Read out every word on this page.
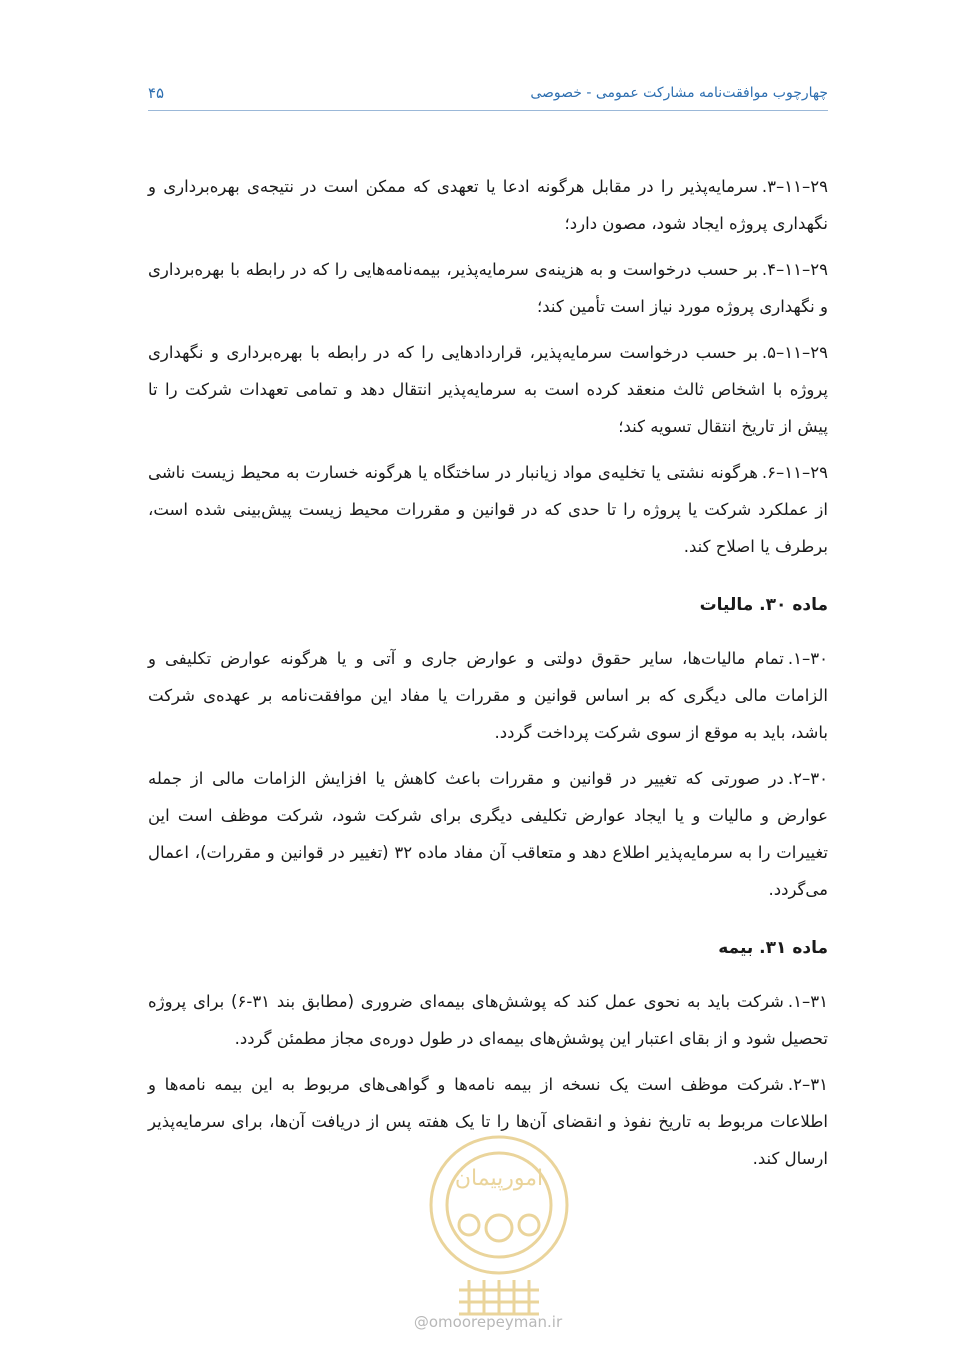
چهارچوب موافقت‌نامه مشارکت عمومی - خصوصی
۴۵

۲۹–۱۱–۳.سرمایه‌پذیر را در مقابل هرگونه ادعا یا تعهدی که ممکن است در نتیجه‌ی بهره‌برداری و نگهداری پروژه ایجاد شود، مصون دارد؛

۲۹–۱۱–۴.بر حسب درخواست و به هزینه‌ی سرمایه‌پذیر، بیمه‌نامه‌هایی را که در رابطه با بهره‌برداری و نگهداری پروژه مورد نیاز است تأمین کند؛

۲۹–۱۱–۵.بر حسب درخواست سرمایه‌پذیر، قراردادهایی را که در رابطه با بهره‌برداری و نگهداری پروژه با اشخاص ثالث منعقد کرده است به سرمایه‌پذیر انتقال دهد و تمامی تعهدات شرکت را تا پیش از تاریخ انتقال تسویه کند؛

۲۹–۱۱–۶.هرگونه نشتی یا تخلیه‌ی مواد زیانبار در ساختگاه یا هرگونه خسارت به محیط زیست ناشی از عملکرد شرکت یا پروژه را تا حدی که در قوانین و مقررات محیط زیست پیش‌بینی شده است، برطرف یا اصلاح کند.

ماده ۳۰. مالیات

۳۰–۱.تمام مالیات‌ها، سایر حقوق دولتی و عوارض جاری و آتی و یا هرگونه عوارض تکلیفی و الزامات مالی دیگری که بر اساس قوانین و مقررات یا مفاد این موافقت‌نامه بر عهده‌ی شرکت باشد، باید به موقع از سوی شرکت پرداخت گردد.

۳۰–۲.در صورتی که تغییر در قوانین و مقررات باعث کاهش یا افزایش الزامات مالی از جمله عوارض و مالیات و یا ایجاد عوارض تکلیفی دیگری برای شرکت شود، شرکت موظف است این تغییرات را به سرمایه‌پذیر اطلاع دهد و متعاقب آن مفاد ماده ۳۲ (تغییر در قوانین و مقررات)، اعمال می‌گردد.

ماده ۳۱. بیمه

۳۱–۱.شرکت باید به نحوی عمل کند که پوشش‌های بیمه‌ای ضروری (مطابق بند ۳۱-۶) برای پروژه تحصیل شود و از بقای اعتبار این پوشش‌های بیمه‌ای در طول دوره‌ی مجاز مطمئن گردد.

۳۱–۲.شرکت موظف است یک نسخه از بیمه نامه‌ها و گواهی‌های مربوط به این بیمه نامه‌ها و اطلاعات مربوط به تاریخ نفوذ و انقضای آن‌ها را تا یک هفته پس از دریافت آن‌ها، برای سرمایه‌پذیر ارسال کند.

امورپیمان
@omoorepeyman.ir
